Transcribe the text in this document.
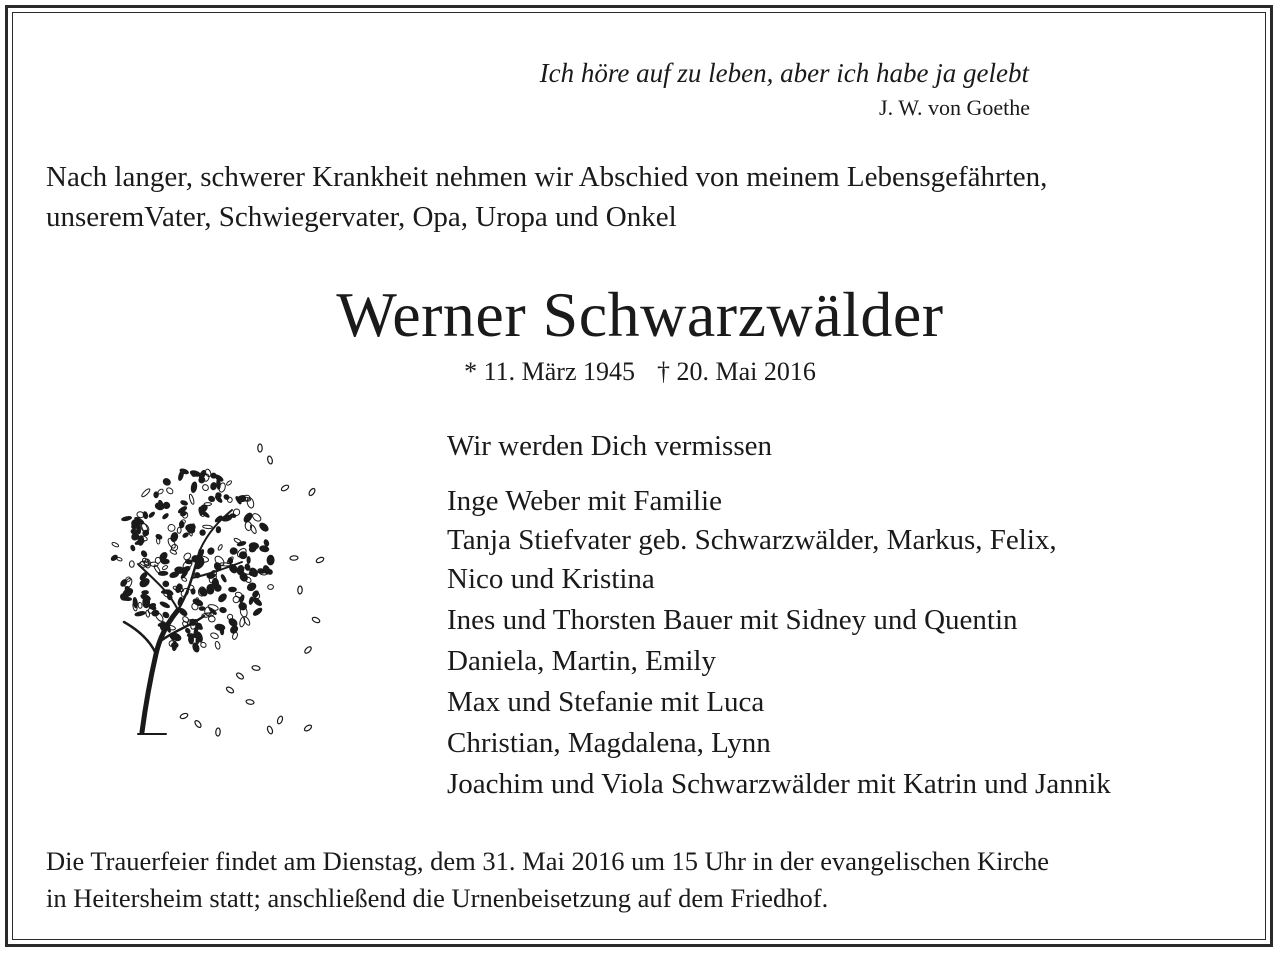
Ich höre auf zu leben, aber ich habe ja gelebt
J. W. von Goethe
Nach langer, schwerer Krankheit nehmen wir Abschied von meinem Lebensgefährten,
unseremVater, Schwiegervater, Opa, Uropa und Onkel
Werner Schwarzwälder
* 11. März 1945 † 20. Mai 2016
Wir werden Dich vermissen
Inge Weber mit Familie
Tanja Stiefvater geb. Schwarzwälder, Markus, Felix,
Nico und Kristina
Ines und Thorsten Bauer mit Sidney und Quentin
Daniela, Martin, Emily
Max und Stefanie mit Luca
Christian, Magdalena, Lynn
Joachim und Viola Schwarzwälder mit Katrin und Jannik
Die Trauerfeier findet am Dienstag, dem 31. Mai 2016 um 15 Uhr in der evangelischen Kirche
in Heitersheim statt; anschließend die Urnenbeisetzung auf dem Friedhof.
